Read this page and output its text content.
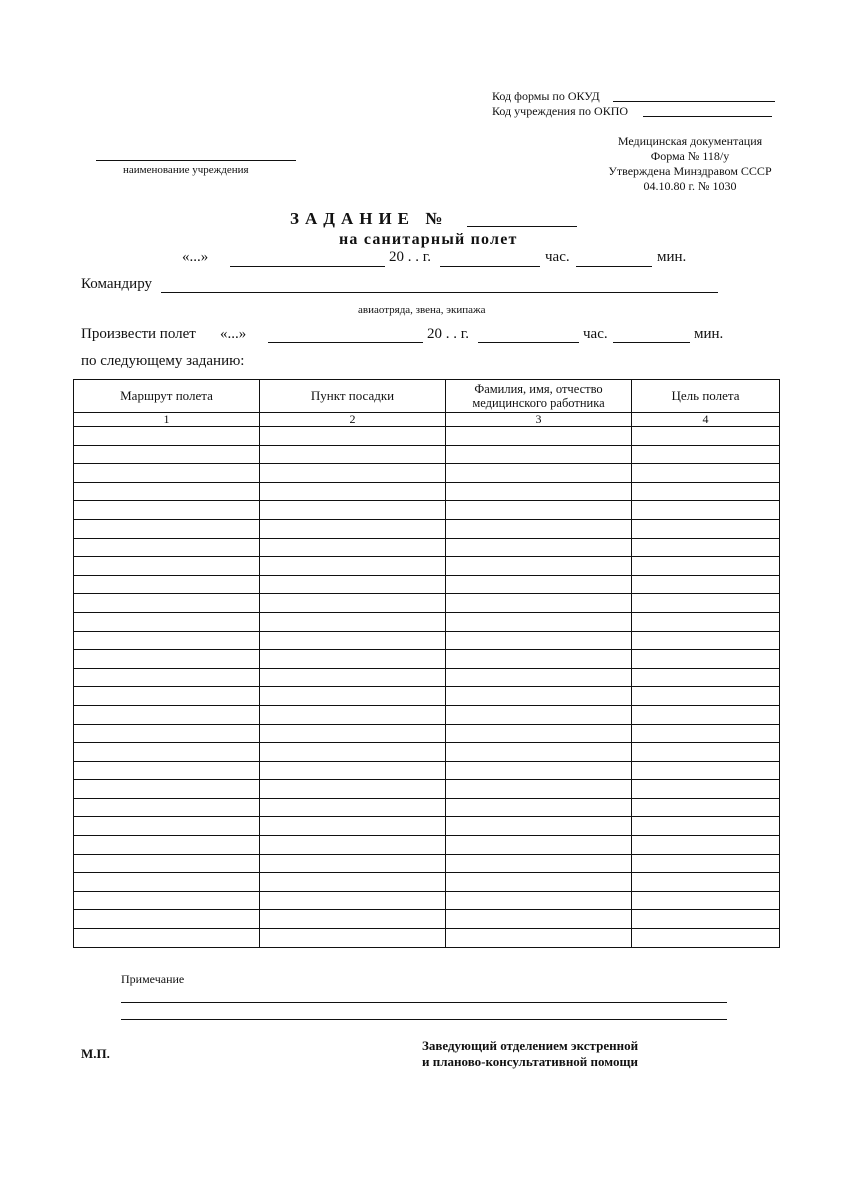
Код формы по ОКУД
Код учреждения по ОКПО
наименование учреждения
Медицинская документация
Форма № 118/у
Утверждена Минздравом СССР
04.10.80 г. № 1030
ЗАДАНИЕ №
на санитарный полет
«...»	20 . . г.	час.	мин.
Командиру
авиаотряда, звена, экипажа
Произвести полет «...»	20 . . г.	час.	мин.
по следующему заданию:
Маршрут полета	Пункт посадки	Фамилия, имя, отчество медицинского работника	Цель полета
1	2	3	4

Примечание
М.П.
Заведующий отделением экстренной
и планово-консультативной помощи
